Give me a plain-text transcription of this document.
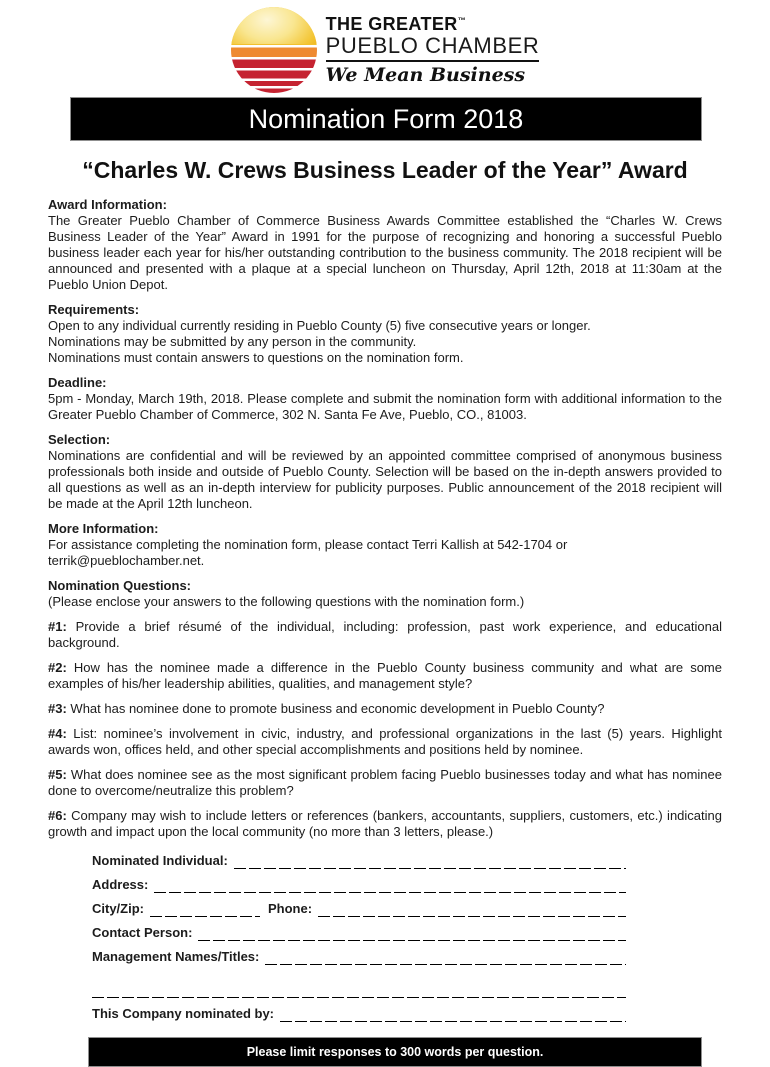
THE GREATER™
PUEBLO CHAMBER
We Mean Business
Nomination Form 2018
“Charles W. Crews Business Leader of the Year” Award
Award Information:
The Greater Pueblo Chamber of Commerce Business Awards Committee established the “Charles W. Crews Business Leader of the Year” Award in 1991 for the purpose of recognizing and honoring a successful Pueblo business leader each year for his/her outstanding contribution to the business community. The 2018 recipient will be announced and presented with a plaque at a special luncheon on Thursday, April 12th, 2018 at 11:30am at the Pueblo Union Depot.
Requirements:
Open to any individual currently residing in Pueblo County (5) five consecutive years or longer.
Nominations may be submitted by any person in the community.
Nominations must contain answers to questions on the nomination form.
Deadline:
5pm - Monday, March 19th, 2018. Please complete and submit the nomination form with additional information to the Greater Pueblo Chamber of Commerce, 302 N. Santa Fe Ave, Pueblo, CO., 81003.
Selection:
Nominations are confidential and will be reviewed by an appointed committee comprised of anonymous business professionals both inside and outside of Pueblo County. Selection will be based on the in-depth answers provided to all questions as well as an in-depth interview for publicity purposes. Public announcement of the 2018 recipient will be made at the April 12th luncheon.
More Information:
For assistance completing the nomination form, please contact Terri Kallish at 542-1704 or terrik@pueblochamber.net.
Nomination Questions:
(Please enclose your answers to the following questions with the nomination form.)
#1: Provide a brief résumé of the individual, including: profession, past work experience, and educational background.
#2: How has the nominee made a difference in the Pueblo County business community and what are some examples of his/her leadership abilities, qualities, and management style?
#3: What has nominee done to promote business and economic development in Pueblo County?
#4: List: nominee’s involvement in civic, industry, and professional organizations in the last (5) years. Highlight awards won, offices held, and other special accomplishments and positions held by nominee.
#5: What does nominee see as the most significant problem facing Pueblo businesses today and what has nominee done to overcome/neutralize this problem?
#6: Company may wish to include letters or references (bankers, accountants, suppliers, customers, etc.) indicating growth and impact upon the local community (no more than 3 letters, please.)
Nominated Individual:
Address:
City/Zip:	Phone:
Contact Person:
Management Names/Titles:
This Company nominated by:
Please limit responses to 300 words per question.
